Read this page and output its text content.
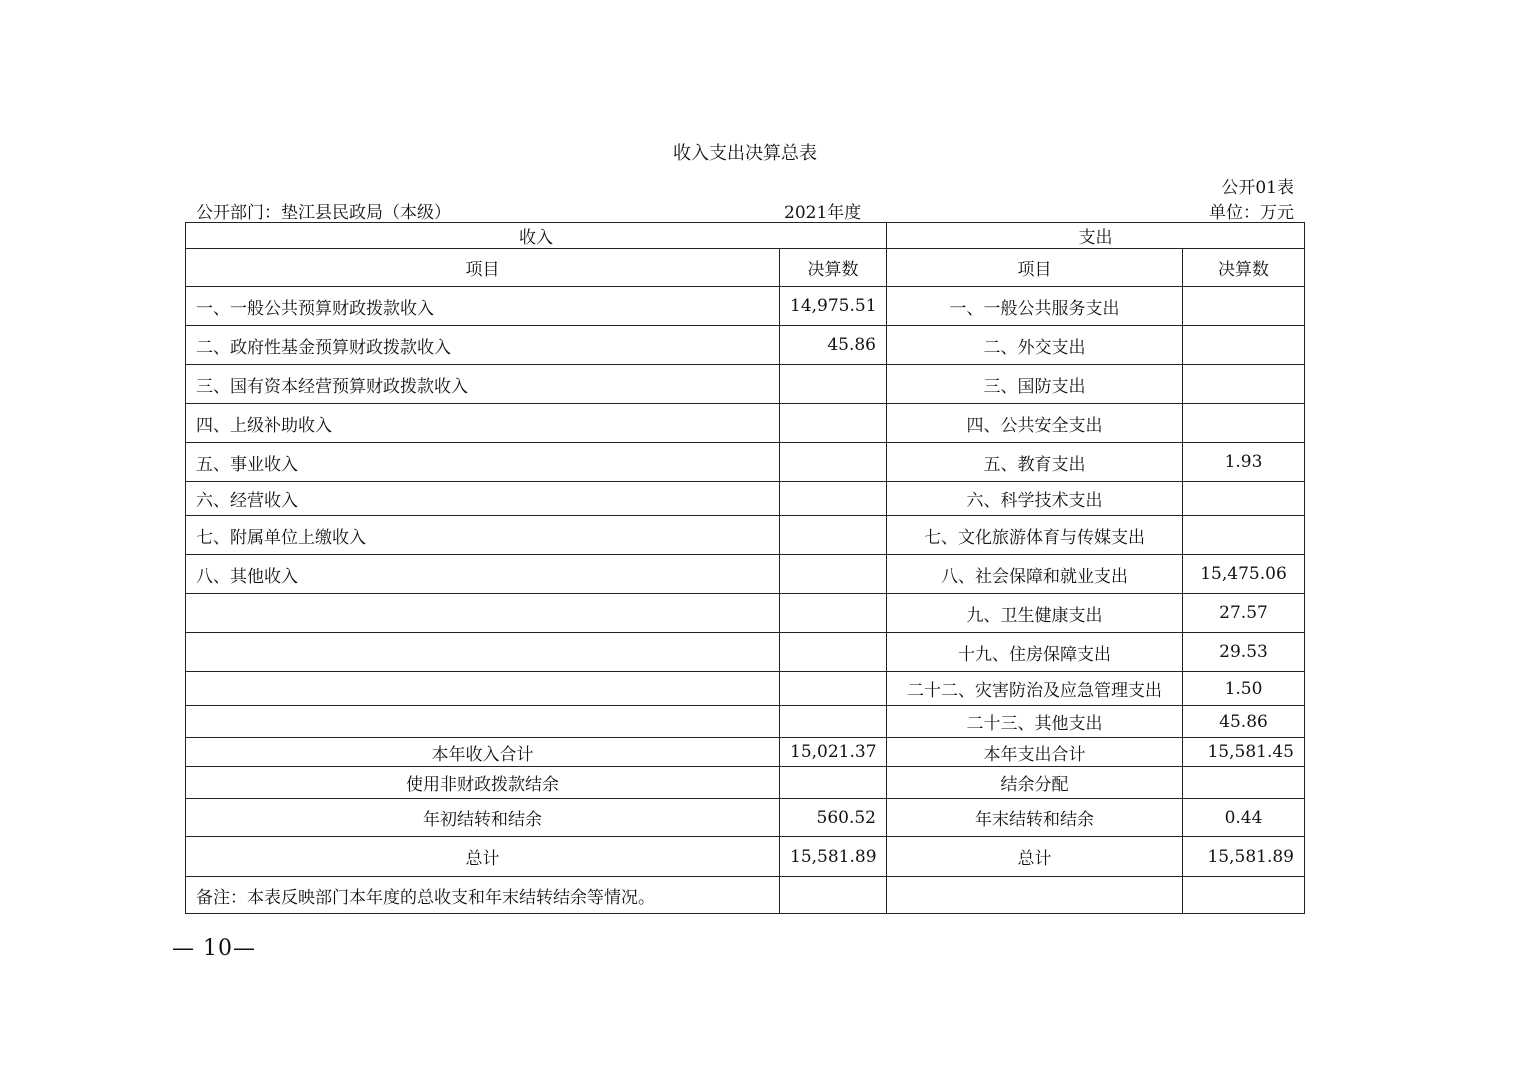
收入支出决算总表
公开01表
公开部门：垫江县民政局（本级）	2021年度	单位：万元
收入		支出	
项目	决算数	项目	决算数
一、一般公共预算财政拨款收入	14,975.51	一、一般公共服务支出	
二、政府性基金预算财政拨款收入	45.86	二、外交支出	
三、国有资本经营预算财政拨款收入		三、国防支出	
四、上级补助收入		四、公共安全支出	
五、事业收入		五、教育支出	1.93
六、经营收入		六、科学技术支出	
七、附属单位上缴收入		七、文化旅游体育与传媒支出	
八、其他收入		八、社会保障和就业支出	15,475.06
		九、卫生健康支出	27.57
		十九、住房保障支出	29.53
		二十二、灾害防治及应急管理支出	1.50
		二十三、其他支出	45.86
本年收入合计	15,021.37	本年支出合计	15,581.45
使用非财政拨款结余		结余分配	
年初结转和结余	560.52	年末结转和结余	0.44
总计	15,581.89	总计	15,581.89
备注：本表反映部门本年度的总收支和年末结转结余等情况。			
— 10—
